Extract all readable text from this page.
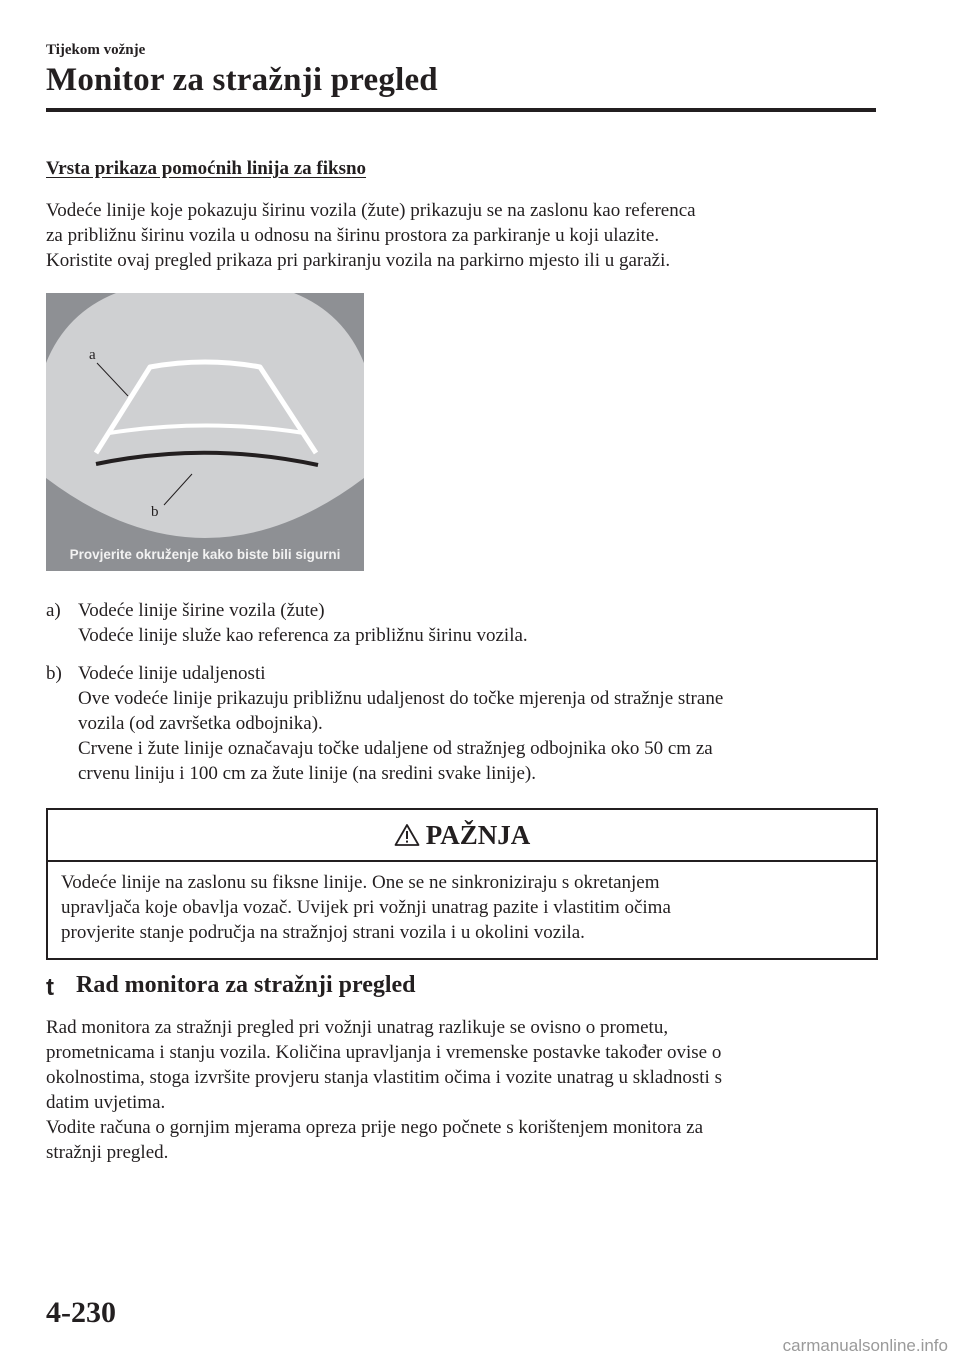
Tijekom vožnje
Monitor za stražnji pregled
Vrsta prikaza pomoćnih linija za fiksno
Vodeće linije koje pokazuju širinu vozila (žute) prikazuju se na zaslonu kao referenca
za približnu širinu vozila u odnosu na širinu prostora za parkiranje u koji ulazite.
Koristite ovaj pregled prikaza pri parkiranju vozila na parkirno mjesto ili u garaži.
a
b
Provjerite okruženje kako biste bili sigurni
a) Vodeće linije širine vozila (žute)
Vodeće linije služe kao referenca za približnu širinu vozila.
b) Vodeće linije udaljenosti
Ove vodeće linije prikazuju približnu udaljenost do točke mjerenja od stražnje strane
vozila (od završetka odbojnika).
Crvene i žute linije označavaju točke udaljene od stražnjeg odbojnika oko 50 cm za
crvenu liniju i 100 cm za žute linije (na sredini svake linije).
PAŽNJA
Vodeće linije na zaslonu su fiksne linije. One se ne sinkroniziraju s okretanjem
upravljača koje obavlja vozač. Uvijek pri vožnji unatrag pazite i vlastitim očima
provjerite stanje područja na stražnjoj strani vozila i u okolini vozila.
t Rad monitora za stražnji pregled
Rad monitora za stražnji pregled pri vožnji unatrag razlikuje se ovisno o prometu,
prometnicama i stanju vozila. Količina upravljanja i vremenske postavke također ovise o
okolnostima, stoga izvršite provjeru stanja vlastitim očima i vozite unatrag u skladnosti s
datim uvjetima.
Vodite računa o gornjim mjerama opreza prije nego počnete s korištenjem monitora za
stražnji pregled.
4-230
carmanualsonline.info
